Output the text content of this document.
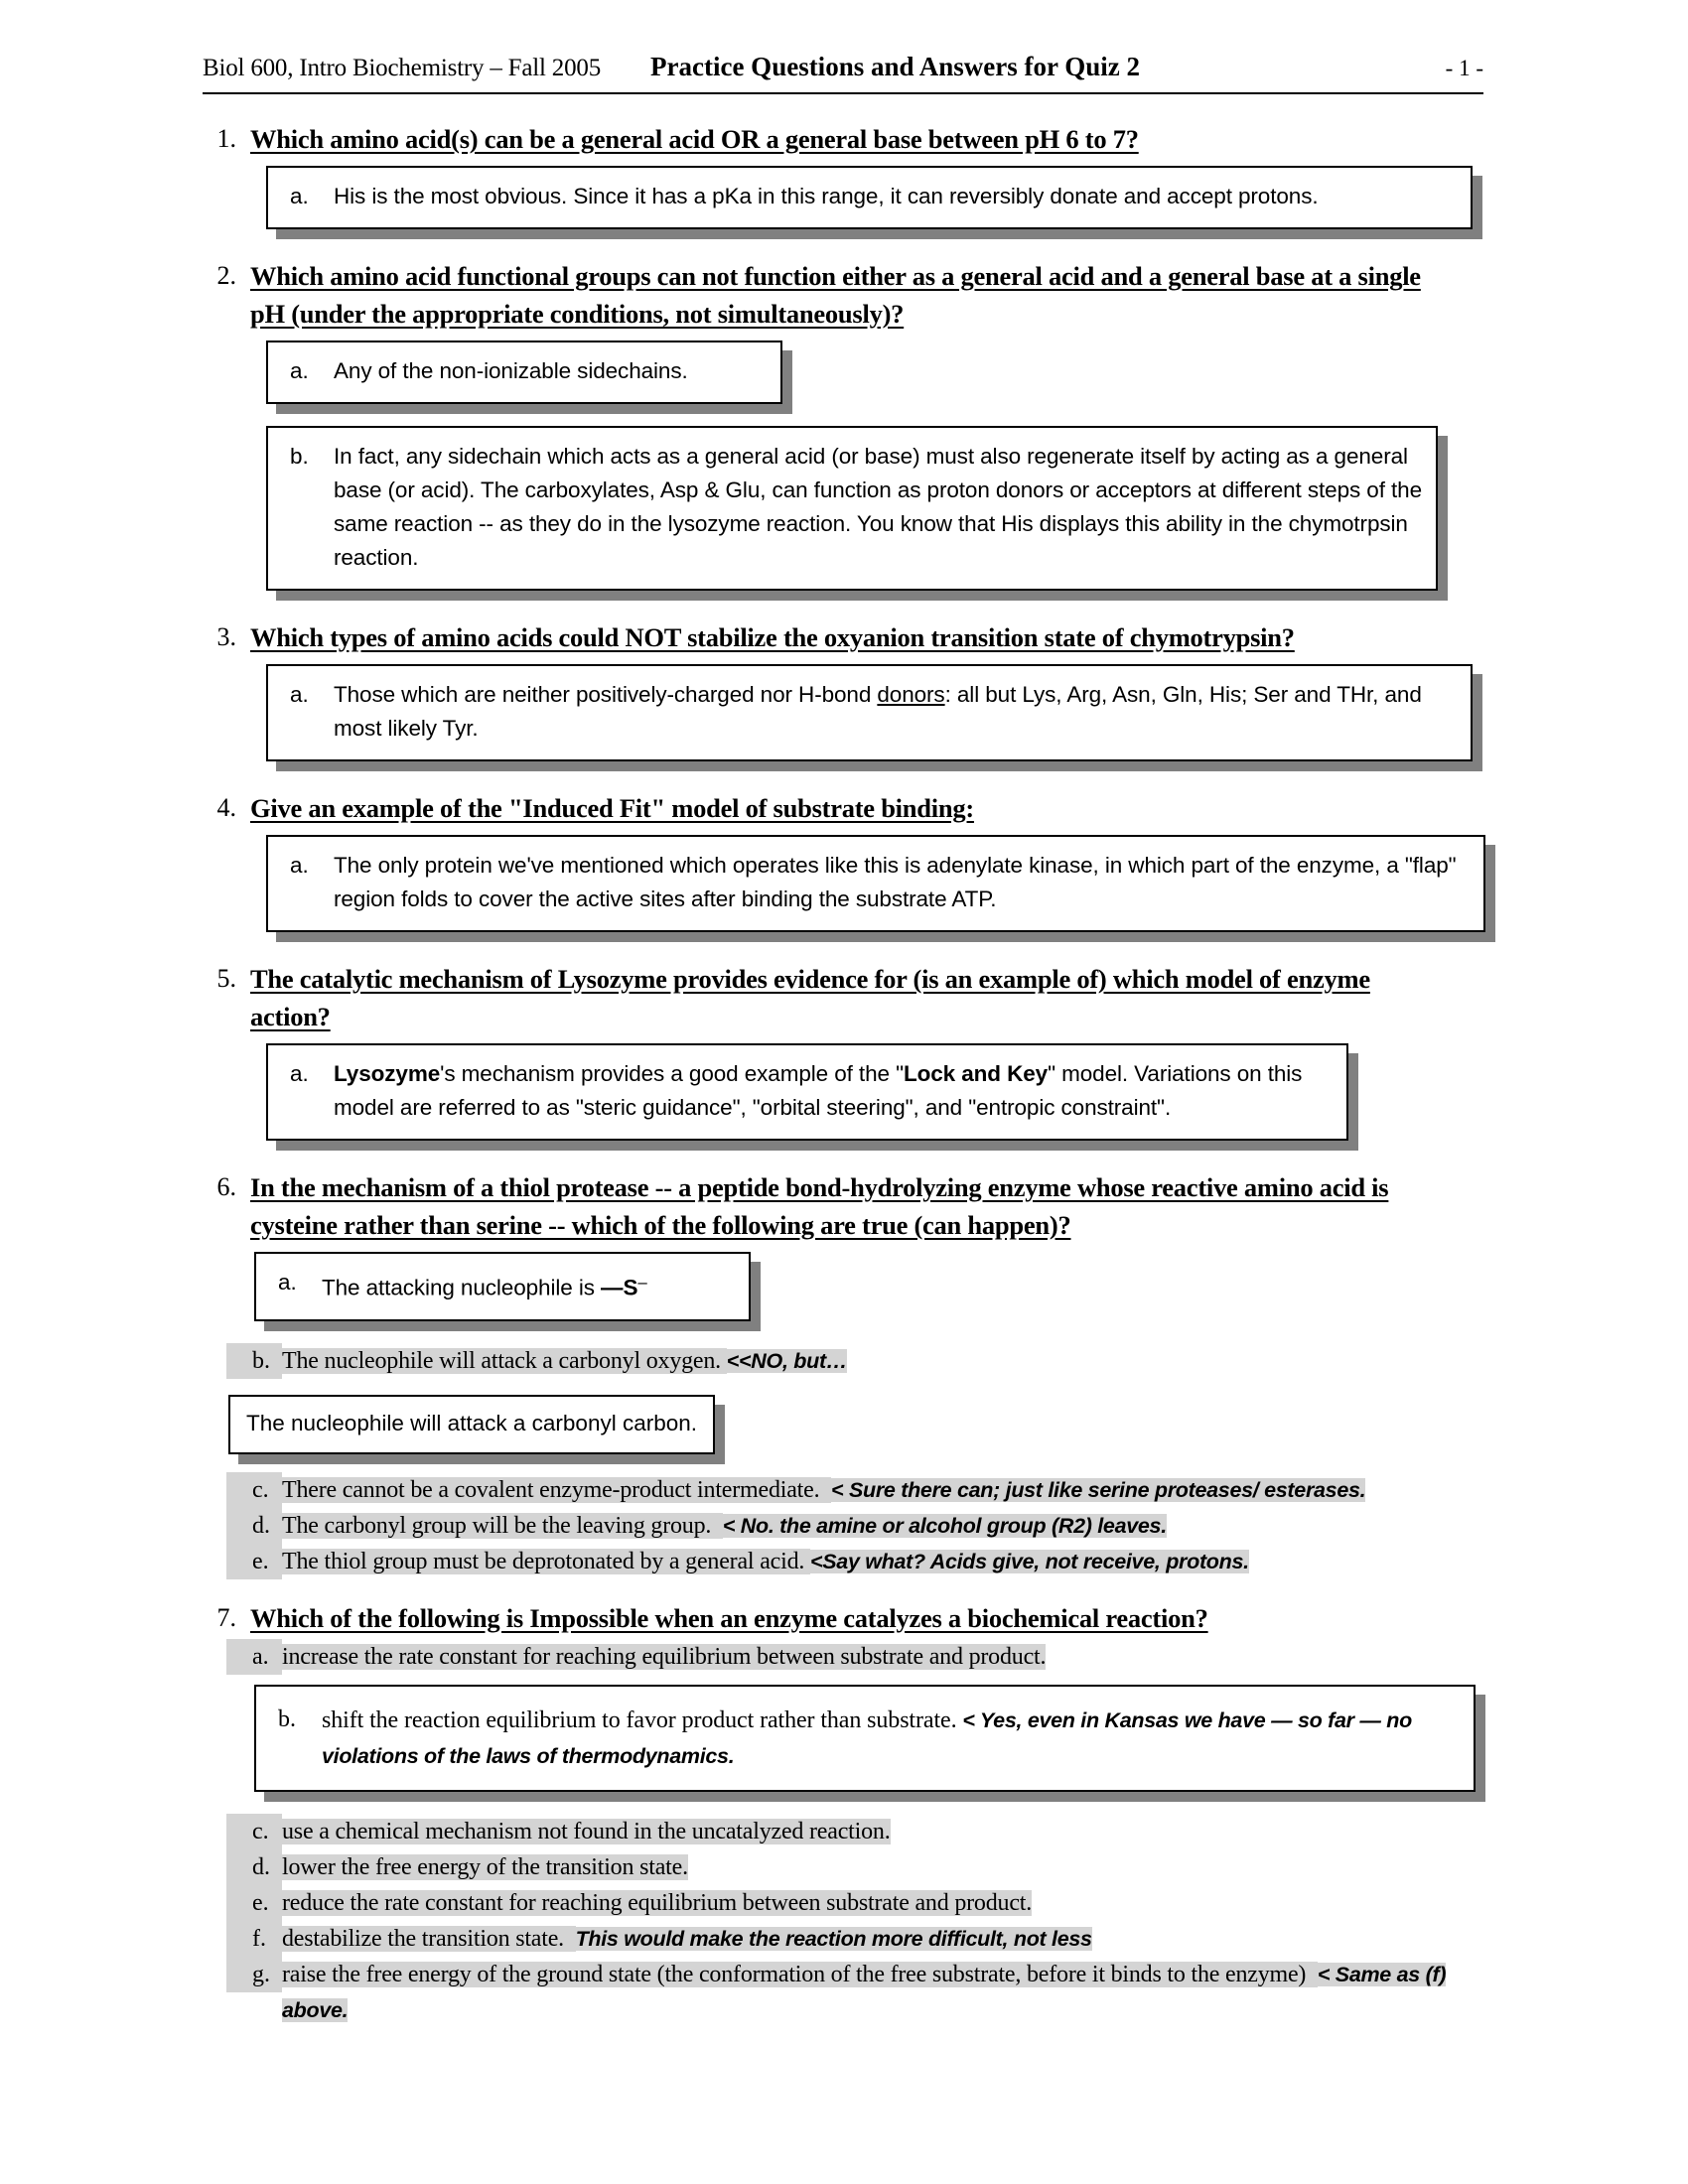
Biol 600, Intro Biochemistry – Fall 2005 Practice Questions and Answers for Quiz 2	- 1 -
1. Which amino acid(s) can be a general acid OR a general base between pH 6 to 7?
a.	His is the most obvious. Since it has a pKa in this range, it can reversibly donate and accept protons.
2. Which amino acid functional groups can not function either as a general acid and a general base at a single pH (under the appropriate conditions, not simultaneously)?
a.	Any of the non-ionizable sidechains.
b.	In fact, any sidechain which acts as a general acid (or base) must also regenerate itself by acting as a general base (or acid). The carboxylates, Asp & Glu, can function as proton donors or acceptors at different steps of the same reaction -- as they do in the lysozyme reaction. You know that His displays this ability in the chymotrpsin reaction.
3. Which types of amino acids could NOT stabilize the oxyanion transition state of chymotrypsin?
a.	Those which are neither positively-charged nor H-bond donors: all but Lys, Arg, Asn, Gln, His; Ser and THr, and most likely Tyr.
4. Give an example of the "Induced Fit" model of substrate binding:
a.	The only protein we've mentioned which operates like this is adenylate kinase, in which part of the enzyme, a "flap" region folds to cover the active sites after binding the substrate ATP.
5. The catalytic mechanism of Lysozyme provides evidence for (is an example of) which model of enzyme action?
a.	Lysozyme's mechanism provides a good example of the "Lock and Key" model. Variations on this model are referred to as "steric guidance", "orbital steering", and "entropic constraint".
6. In the mechanism of a thiol protease -- a peptide bond-hydrolyzing enzyme whose reactive amino acid is cysteine rather than serine -- which of the following are true (can happen)?
a.	The attacking nucleophile is —S–
b. The nucleophile will attack a carbonyl oxygen. <<NO, but…
The nucleophile will attack a carbonyl carbon.
c. There cannot be a covalent enzyme-product intermediate. < Sure there can; just like serine proteases/ esterases.
d. The carbonyl group will be the leaving group. < No. the amine or alcohol group (R2) leaves.
e. The thiol group must be deprotonated by a general acid. <Say what? Acids give, not receive, protons.
7. Which of the following is Impossible when an enzyme catalyzes a biochemical reaction?
a. increase the rate constant for reaching equilibrium between substrate and product.
b.	shift the reaction equilibrium to favor product rather than substrate. < Yes, even in Kansas we have — so far — no violations of the laws of thermodynamics.
c. use a chemical mechanism not found in the uncatalyzed reaction.
d. lower the free energy of the transition state.
e. reduce the rate constant for reaching equilibrium between substrate and product.
f. destabilize the transition state. This would make the reaction more difficult, not less
g. raise the free energy of the ground state (the conformation of the free substrate, before it binds to the enzyme) < Same as (f) above.
